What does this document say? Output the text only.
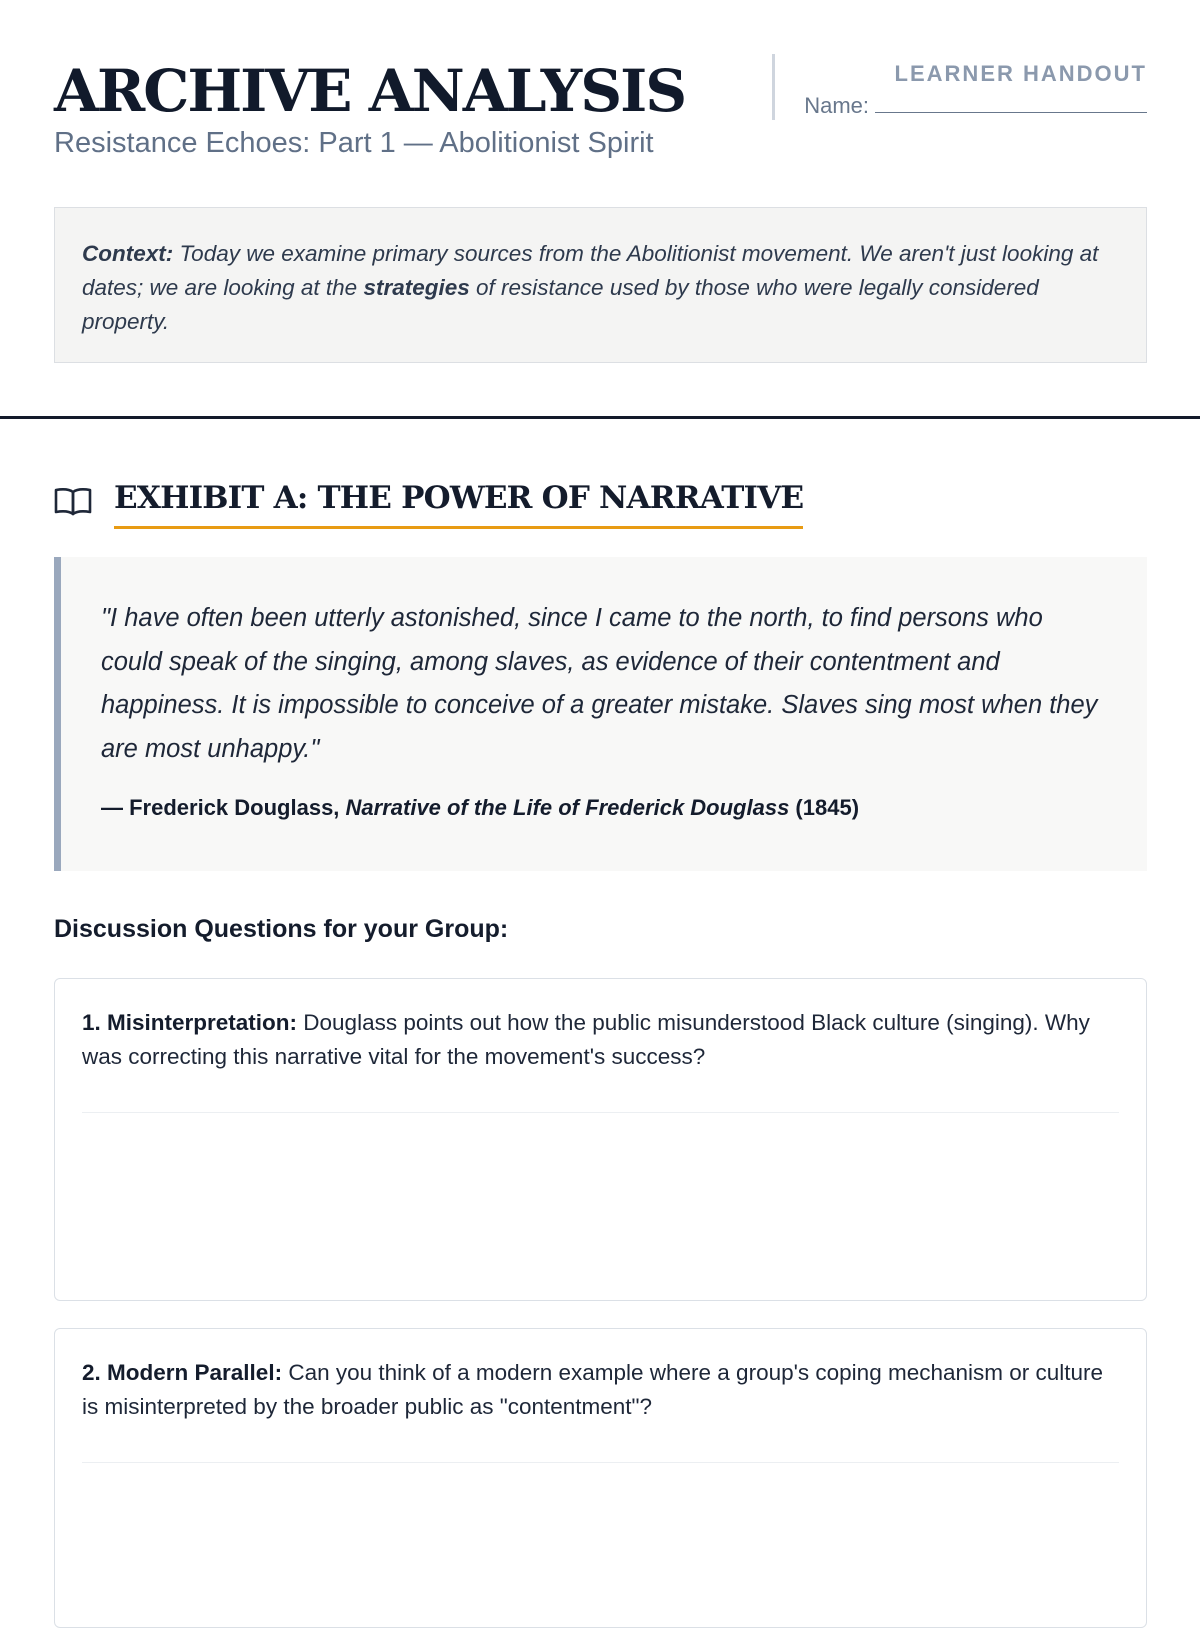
ARCHIVE ANALYSIS
Resistance Echoes: Part 1 — Abolitionist Spirit
LEARNER HANDOUT
Name:
Context: Today we examine primary sources from the Abolitionist movement. We aren't just looking at dates; we are looking at the strategies of resistance used by those who were legally considered property.
EXHIBIT A: THE POWER OF NARRATIVE
"I have often been utterly astonished, since I came to the north, to find persons who could speak of the singing, among slaves, as evidence of their contentment and happiness. It is impossible to conceive of a greater mistake. Slaves sing most when they are most unhappy."
— Frederick Douglass, Narrative of the Life of Frederick Douglass (1845)
Discussion Questions for your Group:
1. Misinterpretation: Douglass points out how the public misunderstood Black culture (singing). Why was correcting this narrative vital for the movement's success?
2. Modern Parallel: Can you think of a modern example where a group's coping mechanism or culture is misinterpreted by the broader public as "contentment"?
